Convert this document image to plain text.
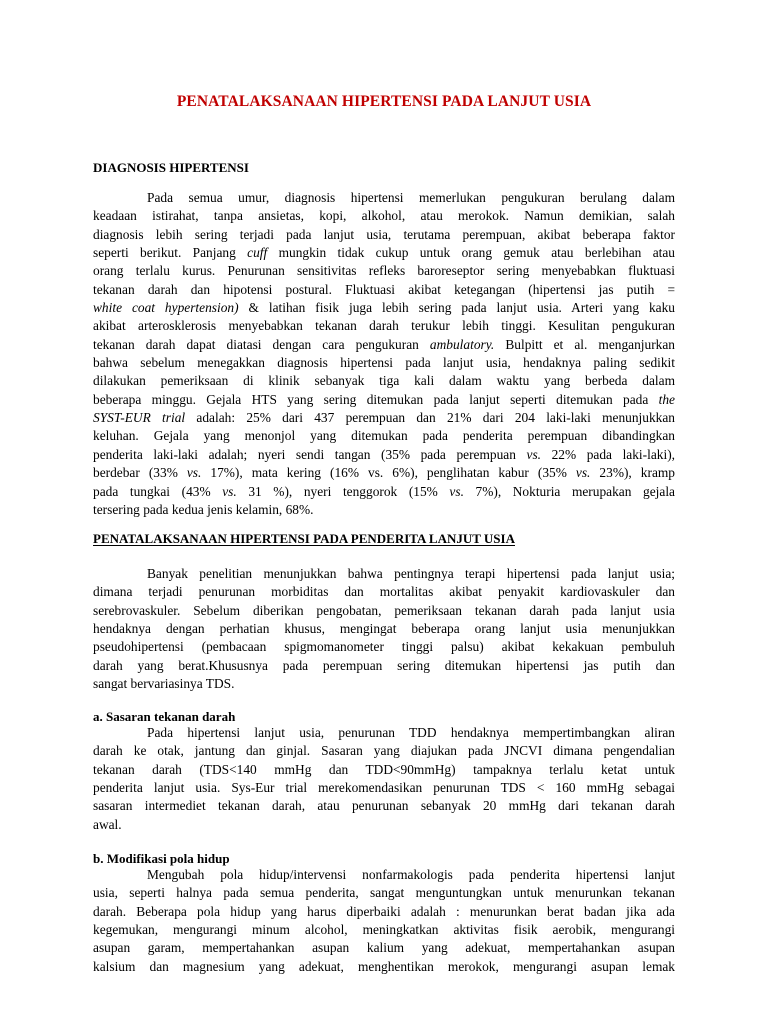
PENATALAKSANAAN HIPERTENSI PADA LANJUT USIA
DIAGNOSIS HIPERTENSI
Pada semua umur, diagnosis hipertensi memerlukan pengukuran berulang dalam
keadaan istirahat, tanpa ansietas, kopi, alkohol, atau merokok. Namun demikian, salah
diagnosis lebih sering terjadi pada lanjut usia, terutama perempuan, akibat beberapa faktor
seperti berikut. Panjang cuff mungkin tidak cukup untuk orang gemuk atau berlebihan atau
orang terlalu kurus. Penurunan sensitivitas refleks baroreseptor sering menyebabkan fluktuasi
tekanan darah dan hipotensi postural. Fluktuasi akibat ketegangan (hipertensi jas putih =
white coat hypertension) & latihan fisik juga lebih sering pada lanjut usia. Arteri yang kaku
akibat arterosklerosis menyebabkan tekanan darah terukur lebih tinggi. Kesulitan pengukuran
tekanan darah dapat diatasi dengan cara pengukuran ambulatory. Bulpitt et al. menganjurkan
bahwa sebelum menegakkan diagnosis hipertensi pada lanjut usia, hendaknya paling sedikit
dilakukan pemeriksaan di klinik sebanyak tiga kali dalam waktu yang berbeda dalam
beberapa minggu. Gejala HTS yang sering ditemukan pada lanjut seperti ditemukan pada the
SYST-EUR trial adalah: 25% dari 437 perempuan dan 21% dari 204 laki-laki menunjukkan
keluhan. Gejala yang menonjol yang ditemukan pada penderita perempuan dibandingkan
penderita laki-laki adalah; nyeri sendi tangan (35% pada perempuan vs. 22% pada laki-laki),
berdebar (33% vs. 17%), mata kering (16% vs. 6%), penglihatan kabur (35% vs. 23%), kramp
pada tungkai (43% vs. 31 %), nyeri tenggorok (15% vs. 7%), Nokturia merupakan gejala
tersering pada kedua jenis kelamin, 68%.
PENATALAKSANAAN HIPERTENSI PADA PENDERITA LANJUT USIA
Banyak penelitian menunjukkan bahwa pentingnya terapi hipertensi pada lanjut usia;
dimana terjadi penurunan morbiditas dan mortalitas akibat penyakit kardiovaskuler dan
serebrovaskuler. Sebelum diberikan pengobatan, pemeriksaan tekanan darah pada lanjut usia
hendaknya dengan perhatian khusus, mengingat beberapa orang lanjut usia menunjukkan
pseudohipertensi (pembacaan spigmomanometer tinggi palsu) akibat kekakuan pembuluh
darah yang berat.Khususnya pada perempuan sering ditemukan hipertensi jas putih dan
sangat bervariasinya TDS.
a. Sasaran tekanan darah
Pada hipertensi lanjut usia, penurunan TDD hendaknya mempertimbangkan aliran
darah ke otak, jantung dan ginjal. Sasaran yang diajukan pada JNCVI dimana pengendalian
tekanan darah (TDS<140 mmHg dan TDD<90mmHg) tampaknya terlalu ketat untuk
penderita lanjut usia. Sys-Eur trial merekomendasikan penurunan TDS < 160 mmHg sebagai
sasaran intermediet tekanan darah, atau penurunan sebanyak 20 mmHg dari tekanan darah
awal.
b. Modifikasi pola hidup
Mengubah pola hidup/intervensi nonfarmakologis pada penderita hipertensi lanjut
usia, seperti halnya pada semua penderita, sangat menguntungkan untuk menurunkan tekanan
darah. Beberapa pola hidup yang harus diperbaiki adalah : menurunkan berat badan jika ada
kegemukan, mengurangi minum alcohol, meningkatkan aktivitas fisik aerobik, mengurangi
asupan garam, mempertahankan asupan kalium yang adekuat, mempertahankan asupan
kalsium dan magnesium yang adekuat, menghentikan merokok, mengurangi asupan lemak
